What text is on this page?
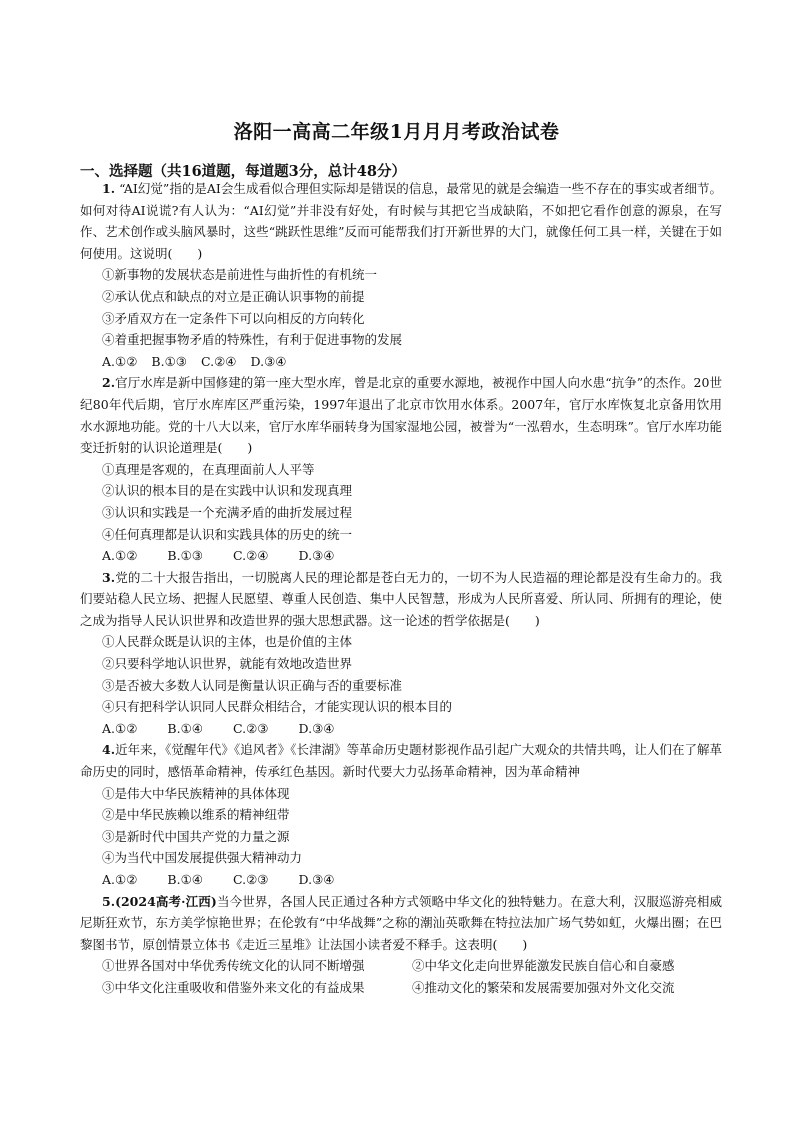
洛阳一高高二年级1月月月考政治试卷
一、选择题（共16道题，每道题3分，总计48分）

1. “AI幻觉”指的是AI会生成看似合理但实际却是错误的信息，最常见的就是会编造一些不存在的事实或者细节。如何对待AI说谎?有人认为：“AI幻觉”并非没有好处，有时候与其把它当成缺陷，不如把它看作创意的源泉，在写作、艺术创作或头脑风暴时，这些“跳跃性思维”反而可能帮我们打开新世界的大门，就像任何工具一样，关键在于如何使用。这说明(　　)

①新事物的发展状态是前进性与曲折性的有机统一

②承认优点和缺点的对立是正确认识事物的前提

③矛盾双方在一定条件下可以向相反的方向转化

④着重把握事物矛盾的特殊性，有利于促进事物的发展

A.①② B.①③ C.②④ D.③④

2.官厅水库是新中国修建的第一座大型水库，曾是北京的重要水源地，被视作中国人向水患“抗争”的杰作。20世纪80年代后期，官厅水库库区严重污染，1997年退出了北京市饮用水体系。2007年，官厅水库恢复北京备用饮用水水源地功能。党的十八大以来，官厅水库华丽转身为国家湿地公园，被誉为“一泓碧水，生态明珠”。官厅水库功能变迁折射的认识论道理是(　　)

①真理是客观的，在真理面前人人平等

②认识的根本目的是在实践中认识和发现真理

③认识和实践是一个充满矛盾的曲折发展过程

④任何真理都是认识和实践具体的历史的统一

A.①② B.①③ C.②④ D.③④

3.党的二十大报告指出，一切脱离人民的理论都是苍白无力的，一切不为人民造福的理论都是没有生命力的。我们要站稳人民立场、把握人民愿望、尊重人民创造、集中人民智慧，形成为人民所喜爱、所认同、所拥有的理论，使之成为指导人民认识世界和改造世界的强大思想武器。这一论述的哲学依据是(　　)

①人民群众既是认识的主体，也是价值的主体

②只要科学地认识世界，就能有效地改造世界

③是否被大多数人认同是衡量认识正确与否的重要标准

④只有把科学认识同人民群众相结合，才能实现认识的根本目的

A.①② B.①④ C.②③ D.③④

4.近年来，《觉醒年代》《追风者》《长津湖》等革命历史题材影视作品引起广大观众的共情共鸣，让人们在了解革命历史的同时，感悟革命精神，传承红色基因。新时代要大力弘扬革命精神，因为革命精神

①是伟大中华民族精神的具体体现

②是中华民族赖以维系的精神纽带

③是新时代中国共产党的力量之源

④为当代中国发展提供强大精神动力

A.①② B.①④ C.②③ D.③④

5.(2024高考·江西)当今世界，各国人民正通过各种方式领略中华文化的独特魅力。在意大利，汉服巡游亮相威尼斯狂欢节，东方美学惊艳世界；在伦敦有“中华战舞”之称的潮汕英歌舞在特拉法加广场气势如虹，火爆出圈；在巴黎图书节，原创情景立体书《走近三星堆》让法国小读者爱不释手。这表明(　　)

①世界各国对中华优秀传统文化的认同不断增强	②中华文化走向世界能激发民族自信心和自豪感
③中华文化注重吸收和借鉴外来文化的有益成果	④推动文化的繁荣和发展需要加强对外文化交流
